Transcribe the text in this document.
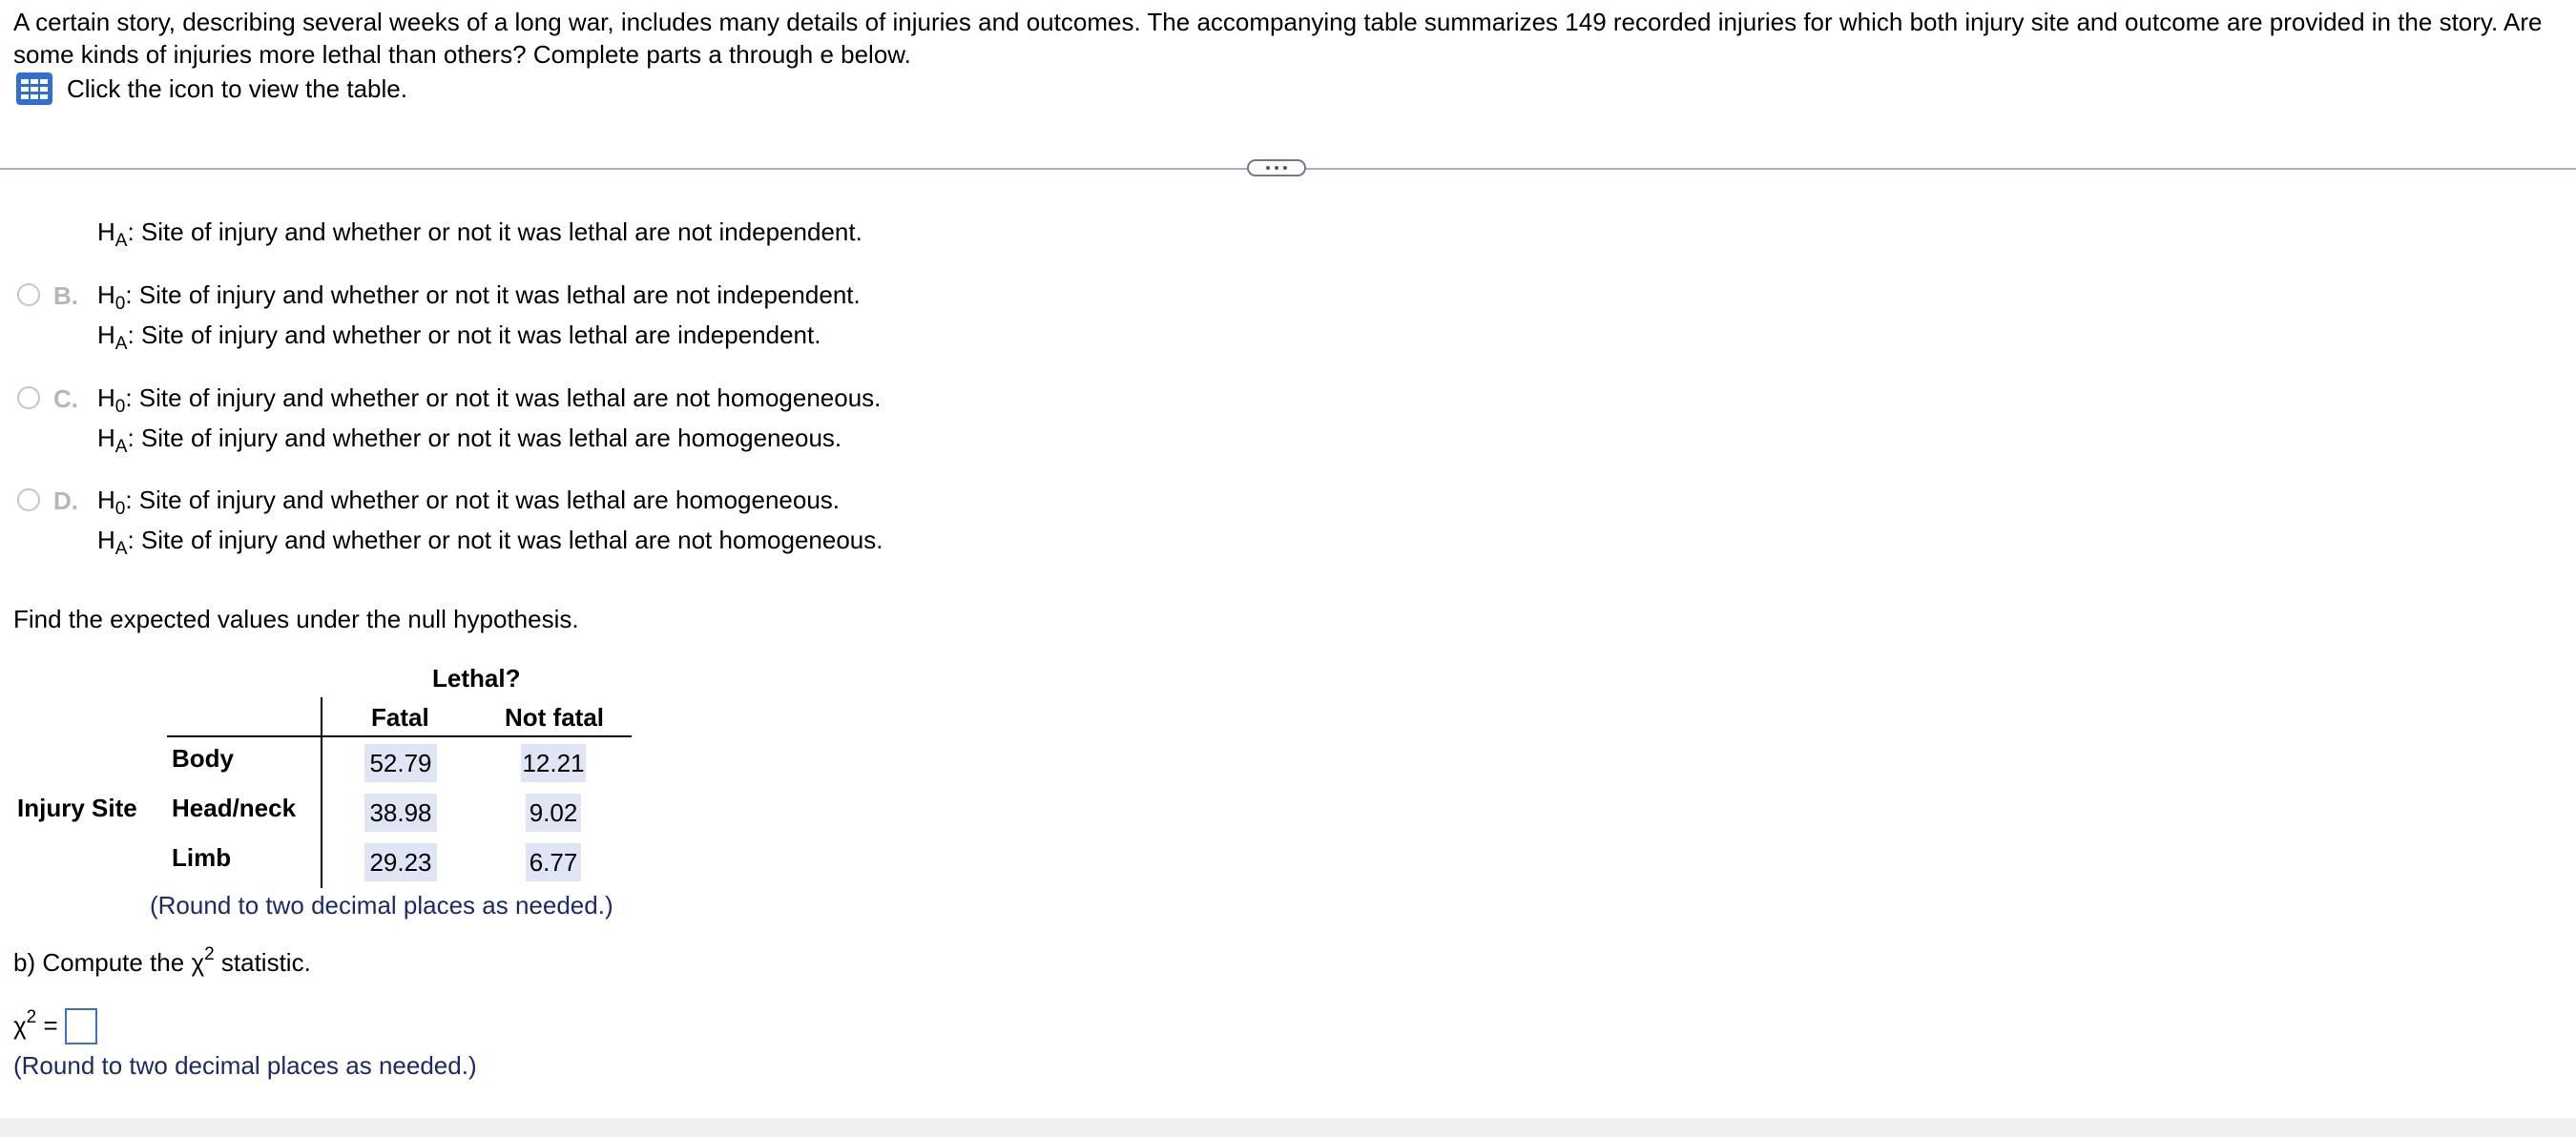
A certain story, describing several weeks of a long war, includes many details of injuries and outcomes. The accompanying table summarizes 149 recorded injuries for which both injury site and outcome are provided in the story. Are some kinds of injuries more lethal than others? Complete parts a through e below.
Click the icon to view the table.
$H_A$: Site of injury and whether or not it was lethal are not independent.
B. $H_0$: Site of injury and whether or not it was lethal are not independent.
$H_A$: Site of injury and whether or not it was lethal are independent.
C. $H_0$: Site of injury and whether or not it was lethal are not homogeneous.
$H_A$: Site of injury and whether or not it was lethal are homogeneous.
D. $H_0$: Site of injury and whether or not it was lethal are homogeneous.
$H_A$: Site of injury and whether or not it was lethal are not homogeneous.
Find the expected values under the null hypothesis.
Lethal?
Fatal	Not fatal
Injury Site
Body	52.79	12.21
Head/neck	38.98	9.02
Limb	29.23	6.77
(Round to two decimal places as needed.)
b) Compute the $\chi^2$ statistic.
$\chi^2$ =
(Round to two decimal places as needed.)
